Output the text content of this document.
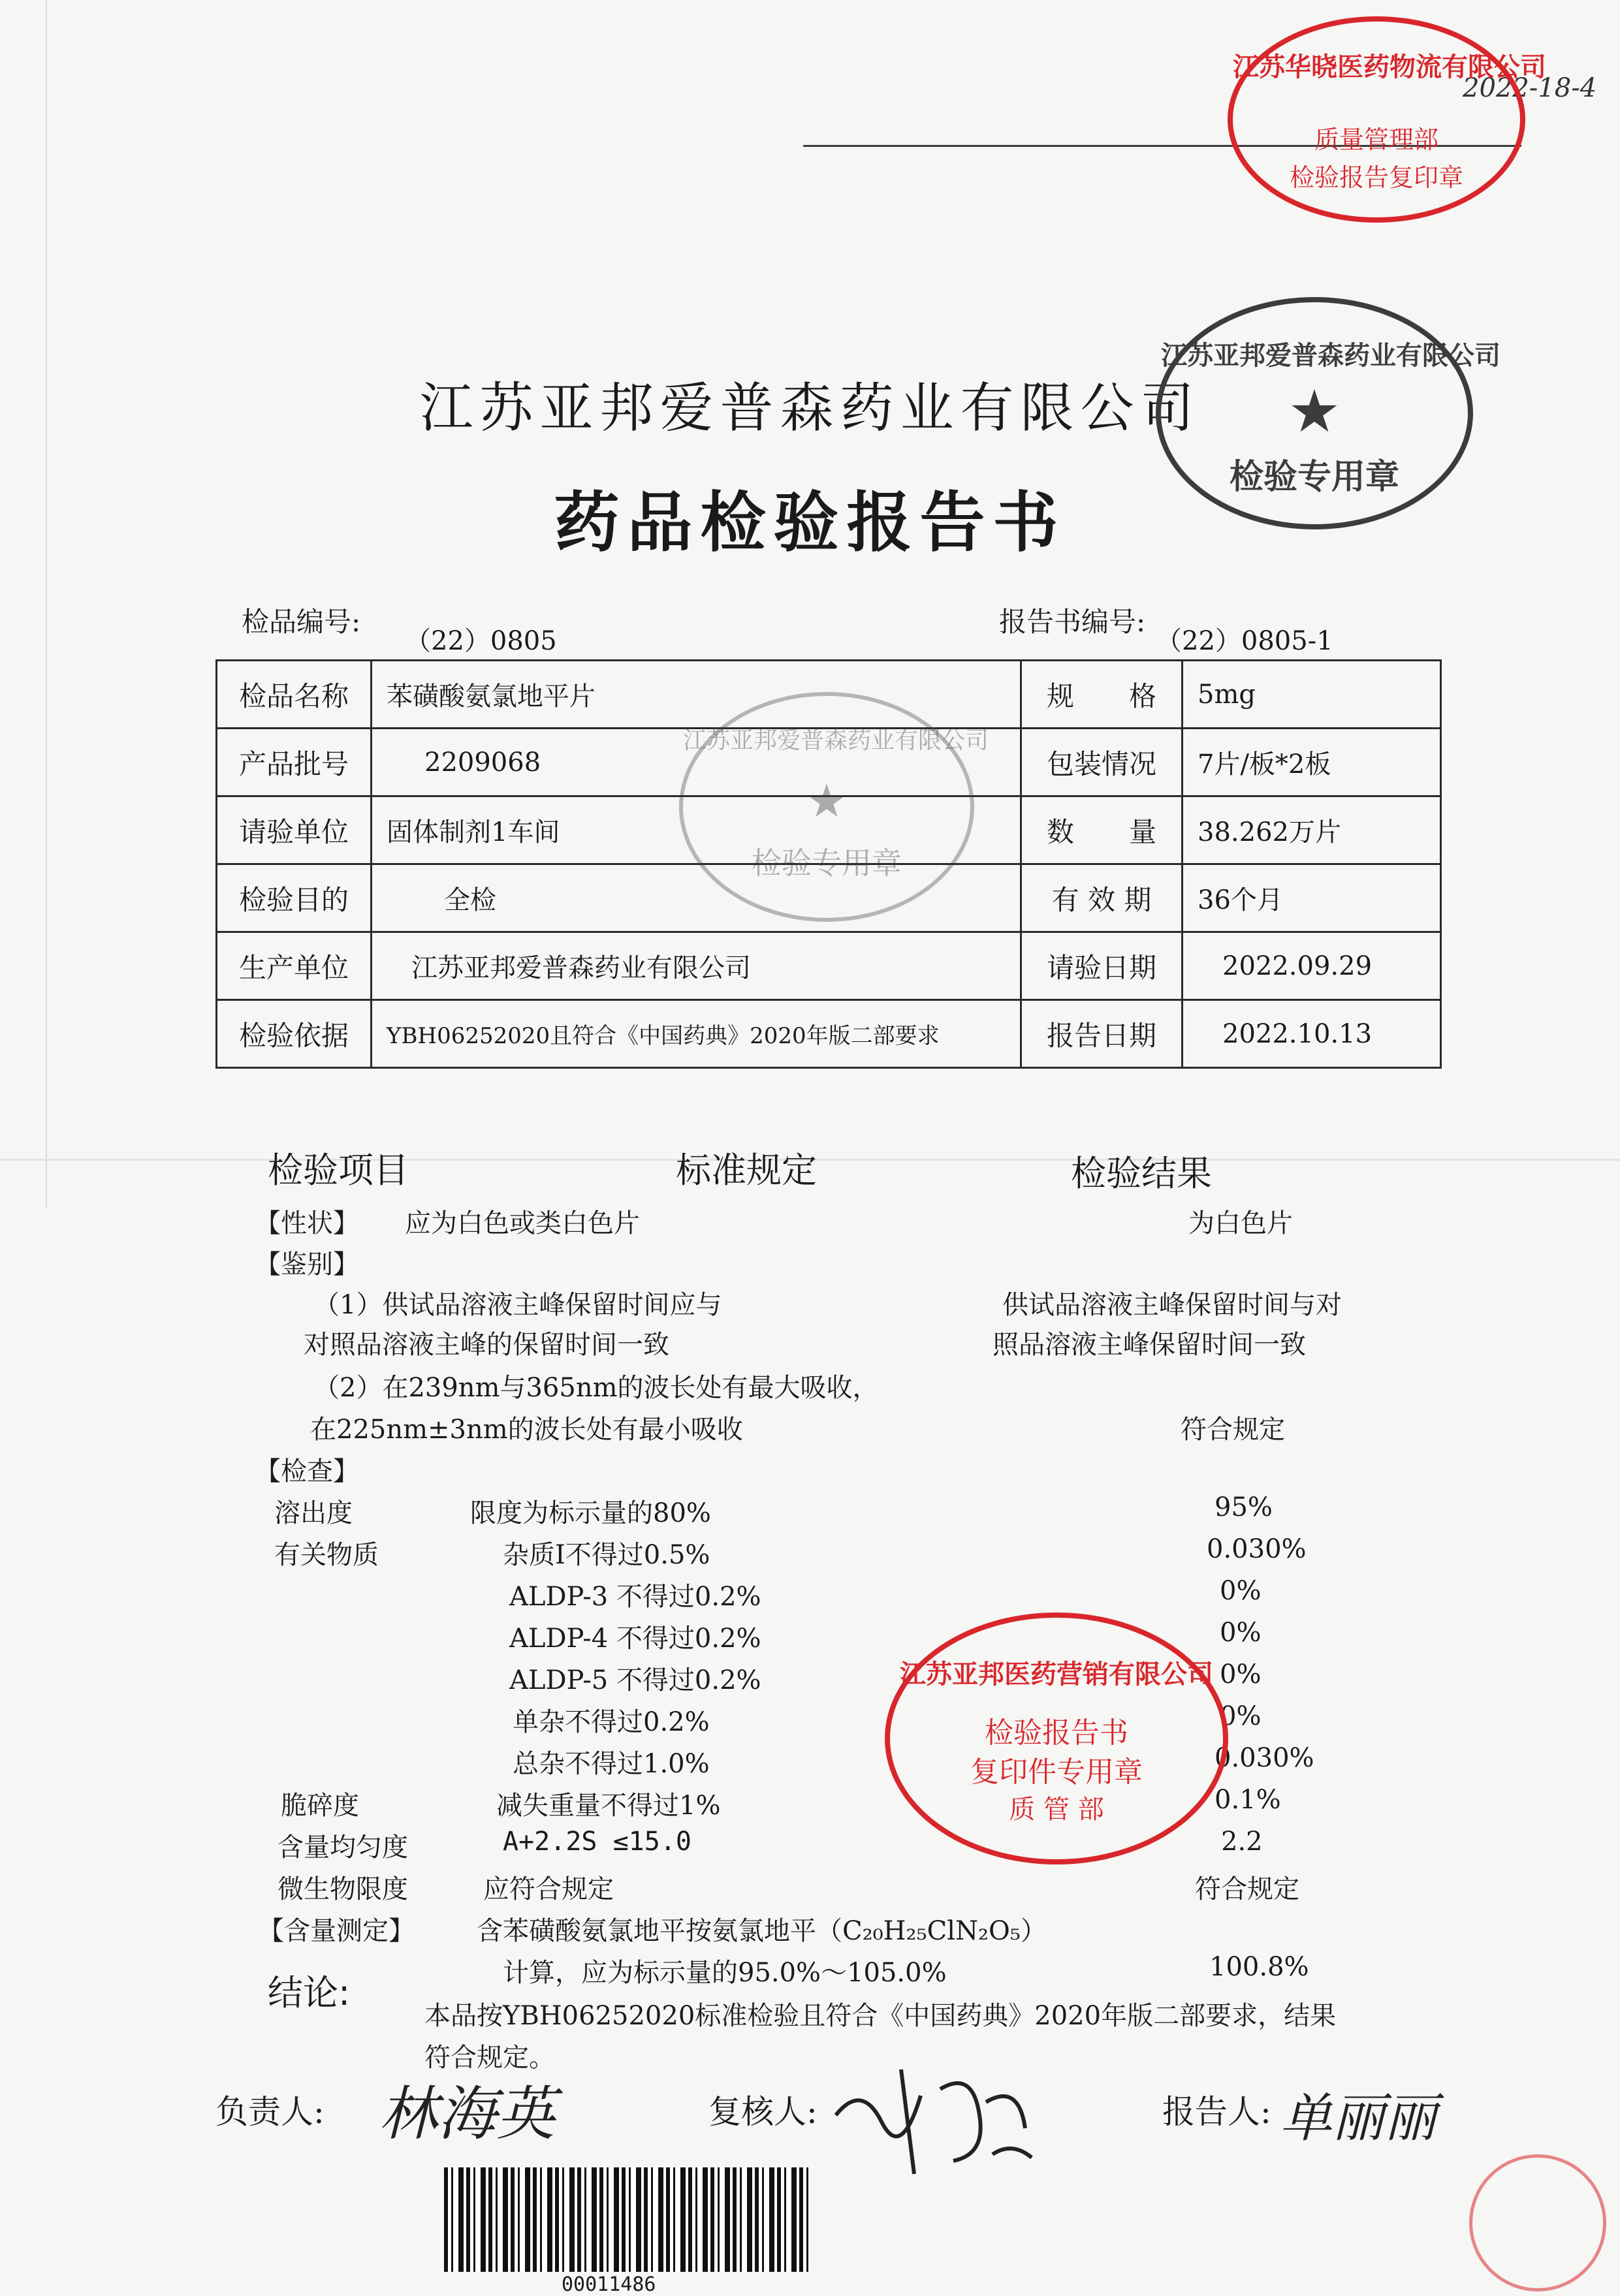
2022-18-4
江苏华晓医药物流有限公司
质量管理部
检验报告复印章
江苏亚邦爱普森药业有限公司
药品检验报告书
江苏亚邦爱普森药业有限公司
★
检验专用章
检品编号:
（22）0805
报告书编号:
（22）0805-1
检品名称	苯磺酸氨氯地平片	规　　格	5mg
产品批号	2209068	包装情况	7片/板*2板
请验单位	固体制剂1车间	数　　量	38.262万片
检验目的	全检	有 效 期	36个月
生产单位	江苏亚邦爱普森药业有限公司	请验日期	2022.09.29
检验依据	YBH06252020且符合《中国药典》2020年版二部要求	报告日期	2022.10.13
江苏亚邦爱普森药业有限公司
★
检验专用章
检验项目	标准规定	检验结果
【性状】 应为白色或类白色片	为白色片
【鉴别】
（1）供试品溶液主峰保留时间应与
对照品溶液主峰的保留时间一致
供试品溶液主峰保留时间与对
照品溶液主峰保留时间一致
（2）在239nm与365nm的波长处有最大吸收，
在225nm±3nm的波长处有最小吸收	符合规定
【检查】
溶出度	限度为标示量的80%	95%
有关物质	杂质Ⅰ不得过0.5%	0.030%
ALDP-3 不得过0.2%	0%
ALDP-4 不得过0.2%	0%
ALDP-5 不得过0.2%	0%
单杂不得过0.2%	0%
总杂不得过1.0%	0.030%
脆碎度	减失重量不得过1%	0.1%
含量均匀度	A+2.2S ≤15.0	2.2
微生物限度	应符合规定	符合规定
【含量测定】 含苯磺酸氨氯地平按氨氯地平（C₂₀H₂₅ClN₂O₅）
计算，应为标示量的95.0%～105.0%	100.8%
江苏亚邦医药营销有限公司
检验报告书
复印件专用章
质 管 部
结论:
本品按YBH06252020标准检验且符合《中国药典》2020年版二部要求，结果
符合规定。
负责人: 林海英	复核人:	报告人: 单丽丽
00011486
